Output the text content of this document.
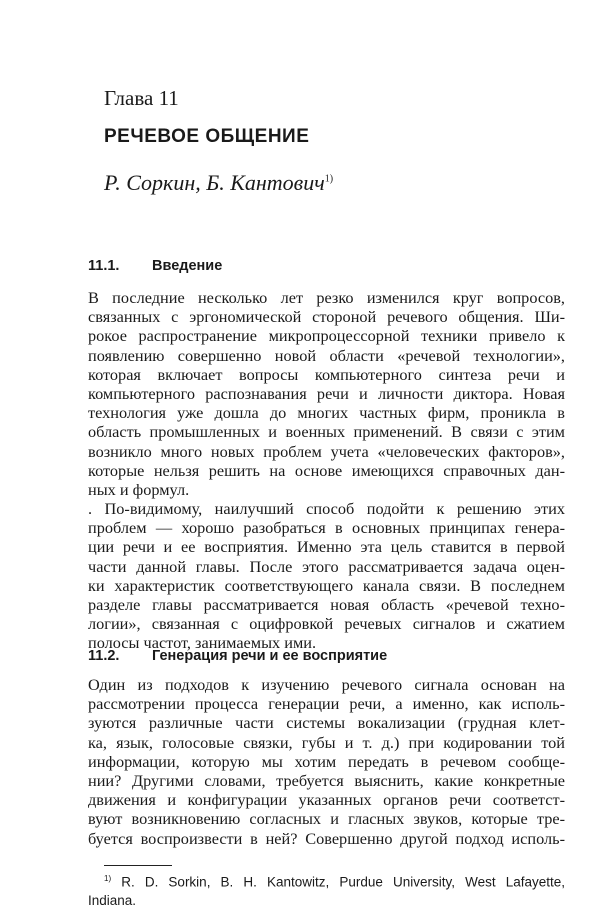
Глава 11
РЕЧЕВОЕ ОБЩЕНИЕ
Р. Соркин, Б. Кантович$^{1)}$
11.1. Введение
В последние несколько лет резко изменился круг вопросов,
связанных с эргономической стороной речевого общения. Ши-
рокое распространение микропроцессорной техники привело к
появлению совершенно новой области «речевой технологии»,
которая включает вопросы компьютерного синтеза речи и
компьютерного распознавания речи и личности диктора. Новая
технология уже дошла до многих частных фирм, проникла в
область промышленных и военных применений. В связи с этим
возникло много новых проблем учета «человеческих факторов»,
которые нельзя решить на основе имеющихся справочных дан-
ных и формул.
. По-видимому, наилучший способ подойти к решению этих
проблем — хорошо разобраться в основных принципах генера-
ции речи и ее восприятия. Именно эта цель ставится в первой
части данной главы. После этого рассматривается задача оцен-
ки характеристик соответствующего канала связи. В последнем
разделе главы рассматривается новая область «речевой техно-
логии», связанная с оцифровкой речевых сигналов и сжатием
полосы частот, занимаемых ими.
11.2. Генерация речи и ее восприятие
Один из подходов к изучению речевого сигнала основан на
рассмотрении процесса генерации речи, а именно, как исполь-
зуются различные части системы вокализации (грудная клет-
ка, язык, голосовые связки, губы и т. д.) при кодировании той
информации, которую мы хотим передать в речевом сообще-
нии? Другими словами, требуется выяснить, какие конкретные
движения и конфигурации указанных органов речи соответст-
вуют возникновению согласных и гласных звуков, которые тре-
буется воспроизвести в ней? Совершенно другой подход исполь-
$^{1)}$ R. D. Sorkin, B. H. Kantowitz, Purdue University, West Lafayette,
Indiana.
